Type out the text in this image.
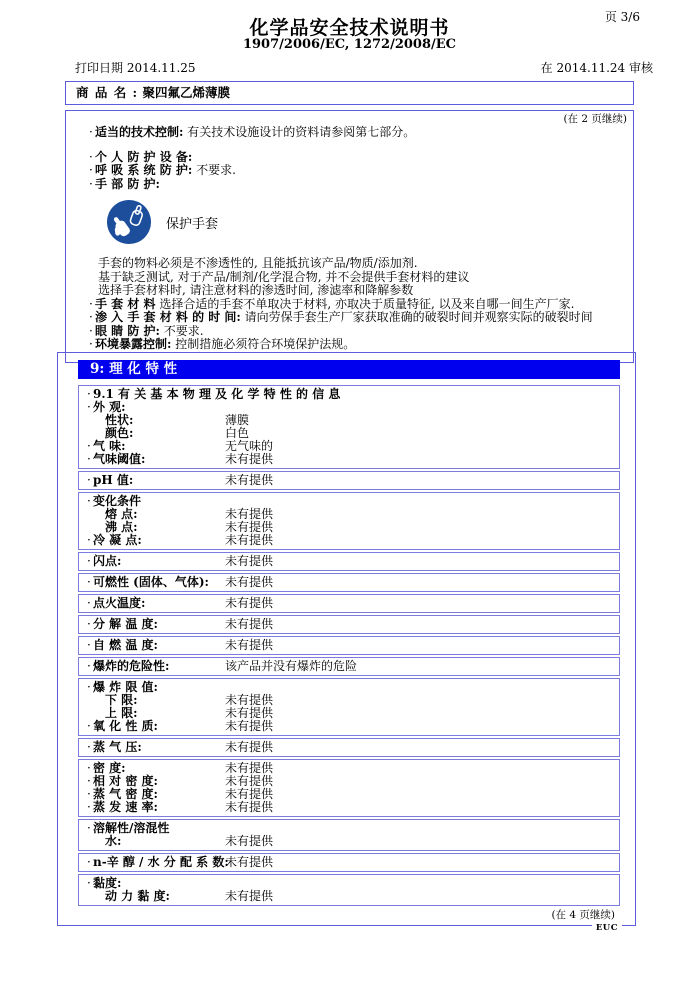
页 3/6
化学品安全技术说明书
1907/2006/EC, 1272/2008/EC
打印日期 2014.11.25	在 2014.11.24 审核
商 品 名 : 聚四氟乙烯薄膜
(在 2 页继续)
· 适当的技术控制: 有关技术设施设计的资料请参阅第七部分。
· 个 人 防 护 设 备:
· 呼 吸 系 统 防 护: 不要求.
· 手 部 防 护:
保护手套
手套的物料必须是不渗透性的, 且能抵抗该产品/物质/添加剂.
基于缺乏测试, 对于产品/制剂/化学混合物, 并不会提供手套材料的建议
选择手套材料时, 请注意材料的渗透时间, 渗滤率和降解参数
· 手 套 材 料 选择合适的手套不单取决于材料, 亦取决于质量特征, 以及来自哪一间生产厂家.
· 渗 入 手 套 材 料 的 时 间: 请向劳保手套生产厂家获取准确的破裂时间并观察实际的破裂时间
· 眼 睛 防 护: 不要求.
· 环境暴露控制: 控制措施必须符合环境保护法规。
9: 理 化 特 性
· 9.1 有 关 基 本 物 理 及 化 学 特 性 的 信 息
· 外 观:
性状:	薄膜
颜色:	白色
· 气 味:	无气味的
· 气味阈值:	未有提供
· pH 值:	未有提供
· 变化条件
熔 点:	未有提供
沸 点:	未有提供
· 冷 凝 点:	未有提供
· 闪点:	未有提供
· 可燃性 (固体、气体): 未有提供
· 点火温度:	未有提供
· 分 解 温 度:	未有提供
· 自 燃 温 度:	未有提供
· 爆炸的危险性:	该产品并没有爆炸的危险
· 爆 炸 限 值:
下 限:	未有提供
上 限:	未有提供
· 氧 化 性 质:	未有提供
· 蒸 气 压:	未有提供
· 密 度:	未有提供
· 相 对 密 度:	未有提供
· 蒸 气 密 度:	未有提供
· 蒸 发 速 率:	未有提供
· 溶解性/溶混性
水:	未有提供
· n-辛 醇 / 水 分 配 系 数:
未有提供
· 黏度:
动 力 黏 度:	未有提供
(在 4 页继续)
EUC
